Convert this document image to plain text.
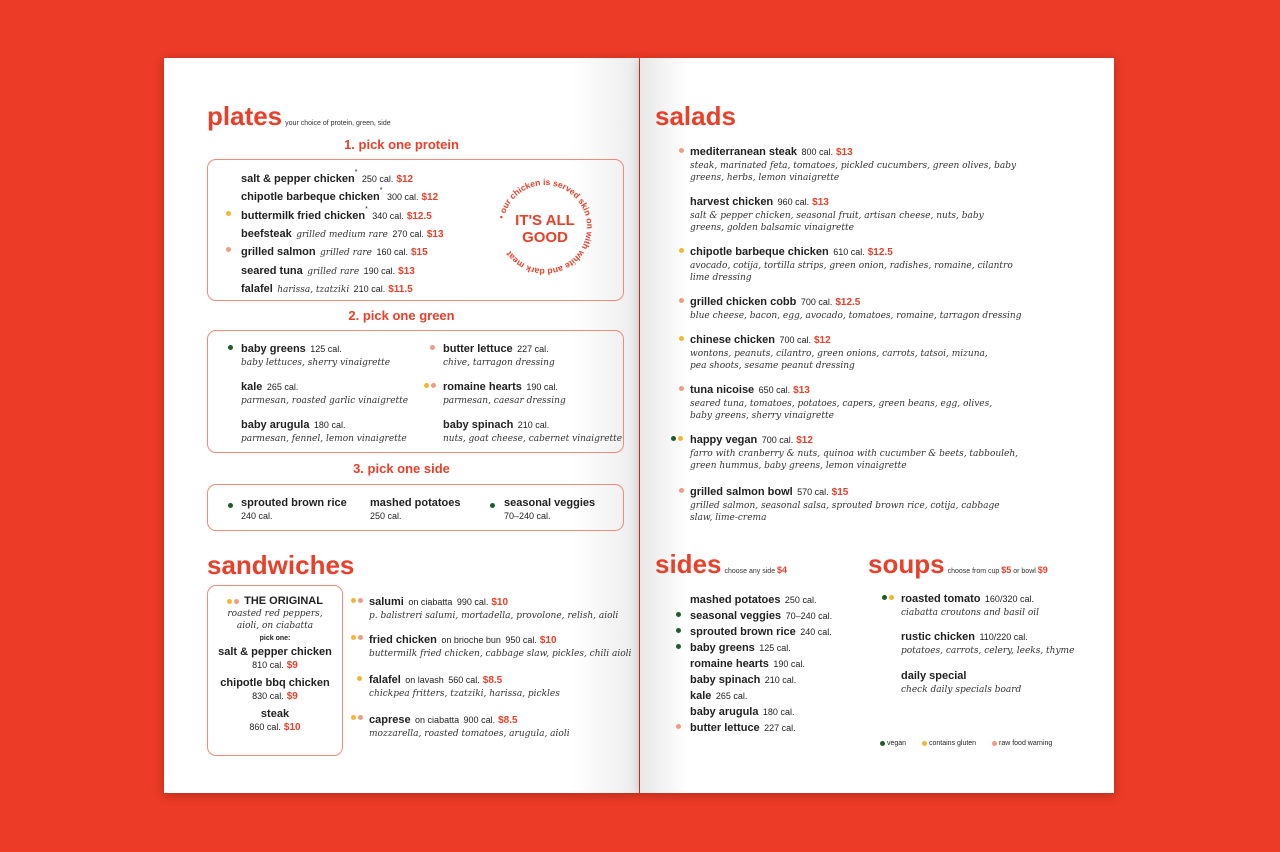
plates your choice of protein, green, side
1. pick one protein
salt & pepper chicken* 250 cal. $12
chipotle barbeque chicken* 300 cal. $12
buttermilk fried chicken* 340 cal. $12.5
beefsteak grilled medium rare 270 cal. $13
grilled salmon grilled rare 160 cal. $15
seared tuna grilled rare 190 cal. $13
falafel harissa, tzatziki 210 cal. $11.5
• our chicken is served skin on with white and dark meat
IT'S ALL
GOOD
2. pick one green
baby greens 125 cal.
baby lettuces, sherry vinaigrette
kale 265 cal.
parmesan, roasted garlic vinaigrette
baby arugula 180 cal.
parmesan, fennel, lemon vinaigrette
butter lettuce 227 cal.
chive, tarragon dressing
romaine hearts 190 cal.
parmesan, caesar dressing
baby spinach 210 cal.
nuts, goat cheese, cabernet vinaigrette
3. pick one side
sprouted brown rice
240 cal.
mashed potatoes
250 cal.
seasonal veggies
70–240 cal.
sandwiches
THE ORIGINAL
roasted red peppers, aioli, on ciabatta
pick one:
salt & pepper chicken
810 cal. $9
chipotle bbq chicken
830 cal. $9
steak
860 cal. $10
salumi on ciabatta 990 cal. $10
p. balistreri salumi, mortadella, provolone, relish, aioli
fried chicken on brioche bun 950 cal. $10
buttermilk fried chicken, cabbage slaw, pickles, chili aioli
falafel on lavash 560 cal. $8.5
chickpea fritters, tzatziki, harissa, pickles
caprese on ciabatta 900 cal. $8.5
mozzarella, roasted tomatoes, arugula, aioli
salads
mediterranean steak 800 cal. $13
steak, marinated feta, tomatoes, pickled cucumbers, green olives, baby greens, herbs, lemon vinaigrette
harvest chicken 960 cal. $13
salt & pepper chicken, seasonal fruit, artisan cheese, nuts, baby greens, golden balsamic vinaigrette
chipotle barbeque chicken 610 cal. $12.5
avocado, cotija, tortilla strips, green onion, radishes, romaine, cilantro lime dressing
grilled chicken cobb 700 cal. $12.5
blue cheese, bacon, egg, avocado, tomatoes, romaine, tarragon dressing
chinese chicken 700 cal. $12
wontons, peanuts, cilantro, green onions, carrots, tatsoi, mizuna, pea shoots, sesame peanut dressing
tuna nicoise 650 cal. $13
seared tuna, tomatoes, potatoes, capers, green beans, egg, olives, baby greens, sherry vinaigrette
happy vegan 700 cal. $12
farro with cranberry & nuts, quinoa with cucumber & beets, tabbouleh, green hummus, baby greens, lemon vinaigrette
grilled salmon bowl 570 cal. $15
grilled salmon, seasonal salsa, sprouted brown rice, cotija, cabbage slaw, lime-crema
sides choose any side $4
mashed potatoes 250 cal.
seasonal veggies 70–240 cal.
sprouted brown rice 240 cal.
baby greens 125 cal.
romaine hearts 190 cal.
baby spinach 210 cal.
kale 265 cal.
baby arugula 180 cal.
butter lettuce 227 cal.
soups choose from cup $5 or bowl $9
roasted tomato 160/320 cal.
ciabatta croutons and basil oil
rustic chicken 110/220 cal.
potatoes, carrots, celery, leeks, thyme
daily special
check daily specials board
vegan	contains gluten	raw food warning
